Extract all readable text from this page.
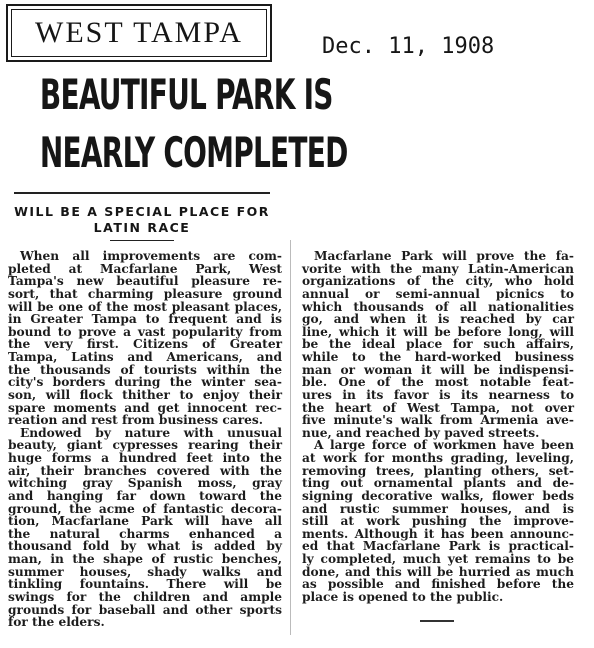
WEST TAMPA	Dec. 11, 1908
BEAUTIFUL PARK IS
NEARLY COMPLETED
WILL BE A SPECIAL PLACE FOR
LATIN RACE
When all improvements are com-
pleted at Macfarlane Park, West
Tampa's new beautiful pleasure re-
sort, that charming pleasure ground
will be one of the most pleasant places,
in Greater Tampa to frequent and is
bound to prove a vast popularity from
the very first. Citizens of Greater
Tampa, Latins and Americans, and
the thousands of tourists within the
city's borders during the winter sea-
son, will flock thither to enjoy their
spare moments and get innocent rec-
reation and rest from business cares.
Endowed by nature with unusual
beauty, giant cypresses rearing their
huge forms a hundred feet into the
air, their branches covered with the
witching gray Spanish moss, gray
and hanging far down toward the
ground, the acme of fantastic decora-
tion, Macfarlane Park will have all
the natural charms enhanced a
thousand fold by what is added by
man, in the shape of rustic benches,
summer houses, shady walks and
tinkling fountains. There will be
swings for the children and ample
grounds for baseball and other sports
for the elders.
Macfarlane Park will prove the fa-
vorite with the many Latin-American
organizations of the city, who hold
annual or semi-annual picnics to
which thousands of all nationalities
go, and when it is reached by car
line, which it will be before long, will
be the ideal place for such affairs,
while to the hard-worked business
man or woman it will be indispensi-
ble. One of the most notable feat-
ures in its favor is its nearness to
the heart of West Tampa, not over
five minute's walk from Armenia ave-
nue, and reached by paved streets.
A large force of workmen have been
at work for months grading, leveling,
removing trees, planting others, set-
ting out ornamental plants and de-
signing decorative walks, flower beds
and rustic summer houses, and is
still at work pushing the improve-
ments. Although it has been announc-
ed that Macfarlane Park is practical-
ly completed, much yet remains to be
done, and this will be hurried as much
as possible and finished before the
place is opened to the public.
